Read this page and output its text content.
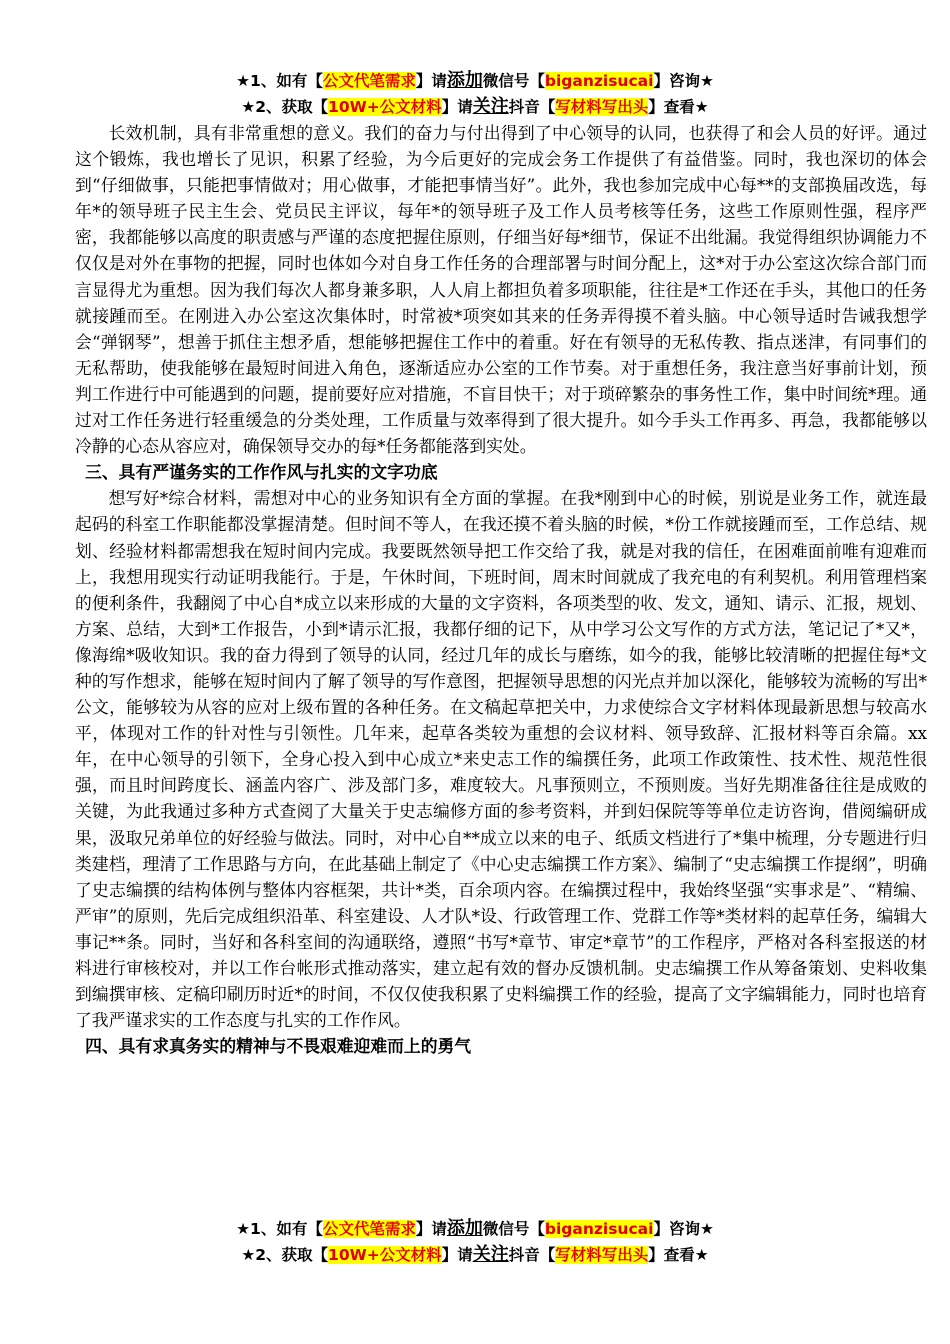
★1、如有【公文代笔需求】请添加微信号【biganzisucai】咨询★
★2、获取【10W+公文材料】请关注抖音【写材料写出头】查看★

长效机制，具有非常重想的意义。我们的奋力与付出得到了中心领导的认同，也获得了和会人员的好评。通过这个锻炼，我也增长了见识，积累了经验，为今后更好的完成会务工作提供了有益借鉴。同时，我也深切的体会到“仔细做事，只能把事情做对；用心做事，才能把事情当好”。此外，我也参加完成中心每**的支部换届改选，每年*的领导班子民主生会、党员民主评议，每年*的领导班子及工作人员考核等任务，这些工作原则性强，程序严密，我都能够以高度的职责感与严谨的态度把握住原则，仔细当好每*细节，保证不出纰漏。我觉得组织协调能力不仅仅是对外在事物的把握，同时也体如今对自身工作任务的合理部署与时间分配上，这*对于办公室这次综合部门而言显得尤为重想。因为我们每次人都身兼多职，人人肩上都担负着多项职能，往往是*工作还在手头，其他口的任务就接踵而至。在刚进入办公室这次集体时，时常被*项突如其来的任务弄得摸不着头脑。中心领导适时告诫我想学会“弹钢琴”，想善于抓住主想矛盾，想能够把握住工作中的着重。好在有领导的无私传教、指点迷津，有同事们的无私帮助，使我能够在最短时间进入角色，逐渐适应办公室的工作节奏。对于重想任务，我注意当好事前计划，预判工作进行中可能遇到的问题，提前要好应对措施，不盲目快干；对于琐碎繁杂的事务性工作，集中时间统*理。通过对工作任务进行轻重缓急的分类处理，工作质量与效率得到了很大提升。如今手头工作再多、再急，我都能够以冷静的心态从容应对，确保领导交办的每*任务都能落到实处。

三、具有严谨务实的工作作风与扎实的文字功底

想写好*综合材料，需想对中心的业务知识有全方面的掌握。在我*刚到中心的时候，别说是业务工作，就连最起码的科室工作职能都没掌握清楚。但时间不等人，在我还摸不着头脑的时候，*份工作就接踵而至，工作总结、规划、经验材料都需想我在短时间内完成。我要既然领导把工作交给了我，就是对我的信任，在困难面前唯有迎难而上，我想用现实行动证明我能行。于是，午休时间，下班时间，周末时间就成了我充电的有利契机。利用管理档案的便利条件，我翻阅了中心自*成立以来形成的大量的文字资料，各项类型的收、发文，通知、请示、汇报，规划、方案、总结，大到*工作报告，小到*请示汇报，我都仔细的记下，从中学习公文写作的方式方法，笔记记了*又*，像海绵*吸收知识。我的奋力得到了领导的认同，经过几年的成长与磨练，如今的我，能够比较清晰的把握住每*文种的写作想求，能够在短时间内了解了领导的写作意图，把握领导思想的闪光点并加以深化，能够较为流畅的写出*公文，能够较为从容的应对上级布置的各种任务。在文稿起草把关中，力求使综合文字材料体现最新思想与较高水平，体现对工作的针对性与引领性。几年来，起草各类较为重想的会议材料、领导致辞、汇报材料等百余篇。xx年，在中心领导的引领下，全身心投入到中心成立*来史志工作的编撰任务，此项工作政策性、技术性、规范性很强，而且时间跨度长、涵盖内容广、涉及部门多，难度较大。凡事预则立，不预则废。当好先期准备往往是成败的关键，为此我通过多种方式查阅了大量关于史志编修方面的参考资料，并到妇保院等等单位走访咨询，借阅编研成果，汲取兄弟单位的好经验与做法。同时，对中心自**成立以来的电子、纸质文档进行了*集中梳理，分专题进行归类建档，理清了工作思路与方向，在此基础上制定了《中心史志编撰工作方案》、编制了“史志编撰工作提纲”，明确了史志编撰的结构体例与整体内容框架，共计*类，百余项内容。在编撰过程中，我始终坚强“实事求是”、“精编、严审”的原则，先后完成组织沿革、科室建设、人才队*设、行政管理工作、党群工作等*类材料的起草任务，编辑大事记**条。同时，当好和各科室间的沟通联络，遵照“书写*章节、审定*章节”的工作程序，严格对各科室报送的材料进行审核校对，并以工作台帐形式推动落实，建立起有效的督办反馈机制。史志编撰工作从筹备策划、史料收集到编撰审核、定稿印刷历时近*的时间，不仅仅使我积累了史料编撰工作的经验，提高了文字编辑能力，同时也培育了我严谨求实的工作态度与扎实的工作作风。

四、具有求真务实的精神与不畏艰难迎难而上的勇气
★1、如有【公文代笔需求】请添加微信号【biganzisucai】咨询★
★2、获取【10W+公文材料】请关注抖音【写材料写出头】查看★
